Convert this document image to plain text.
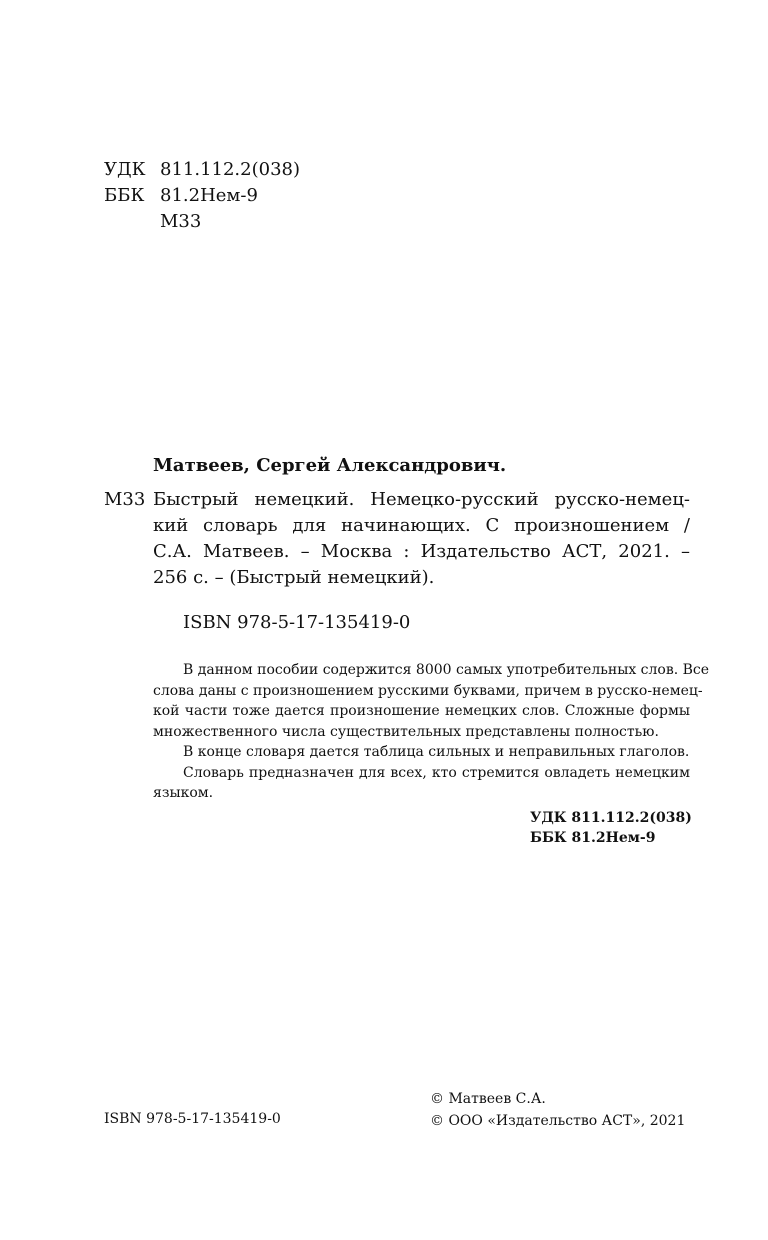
УДК 811.112.2(038)
ББК 81.2Нем-9
М33
Матвеев, Сергей Александрович.
М33 Быстрый немецкий. Немецко-русский русско-немец-
кий словарь для начинающих. С произношением /
С.А. Матвеев. – Москва : Издательство АСТ, 2021. –
256 с. – (Быстрый немецкий).
ISBN 978-5-17-135419-0
В данном пособии содержится 8000 самых употребительных слов. Все
слова даны с произношением русскими буквами, причем в русско-немец-
кой части тоже дается произношение немецких слов. Сложные формы
множественного числа существительных представлены полностью.
В конце словаря дается таблица сильных и неправильных глаголов.
Словарь предназначен для всех, кто стремится овладеть немецким
языком.
УДК 811.112.2(038)
ББК 81.2Нем-9
ISBN 978-5-17-135419-0
© Матвеев С.А.
© ООО «Издательство АСТ», 2021
